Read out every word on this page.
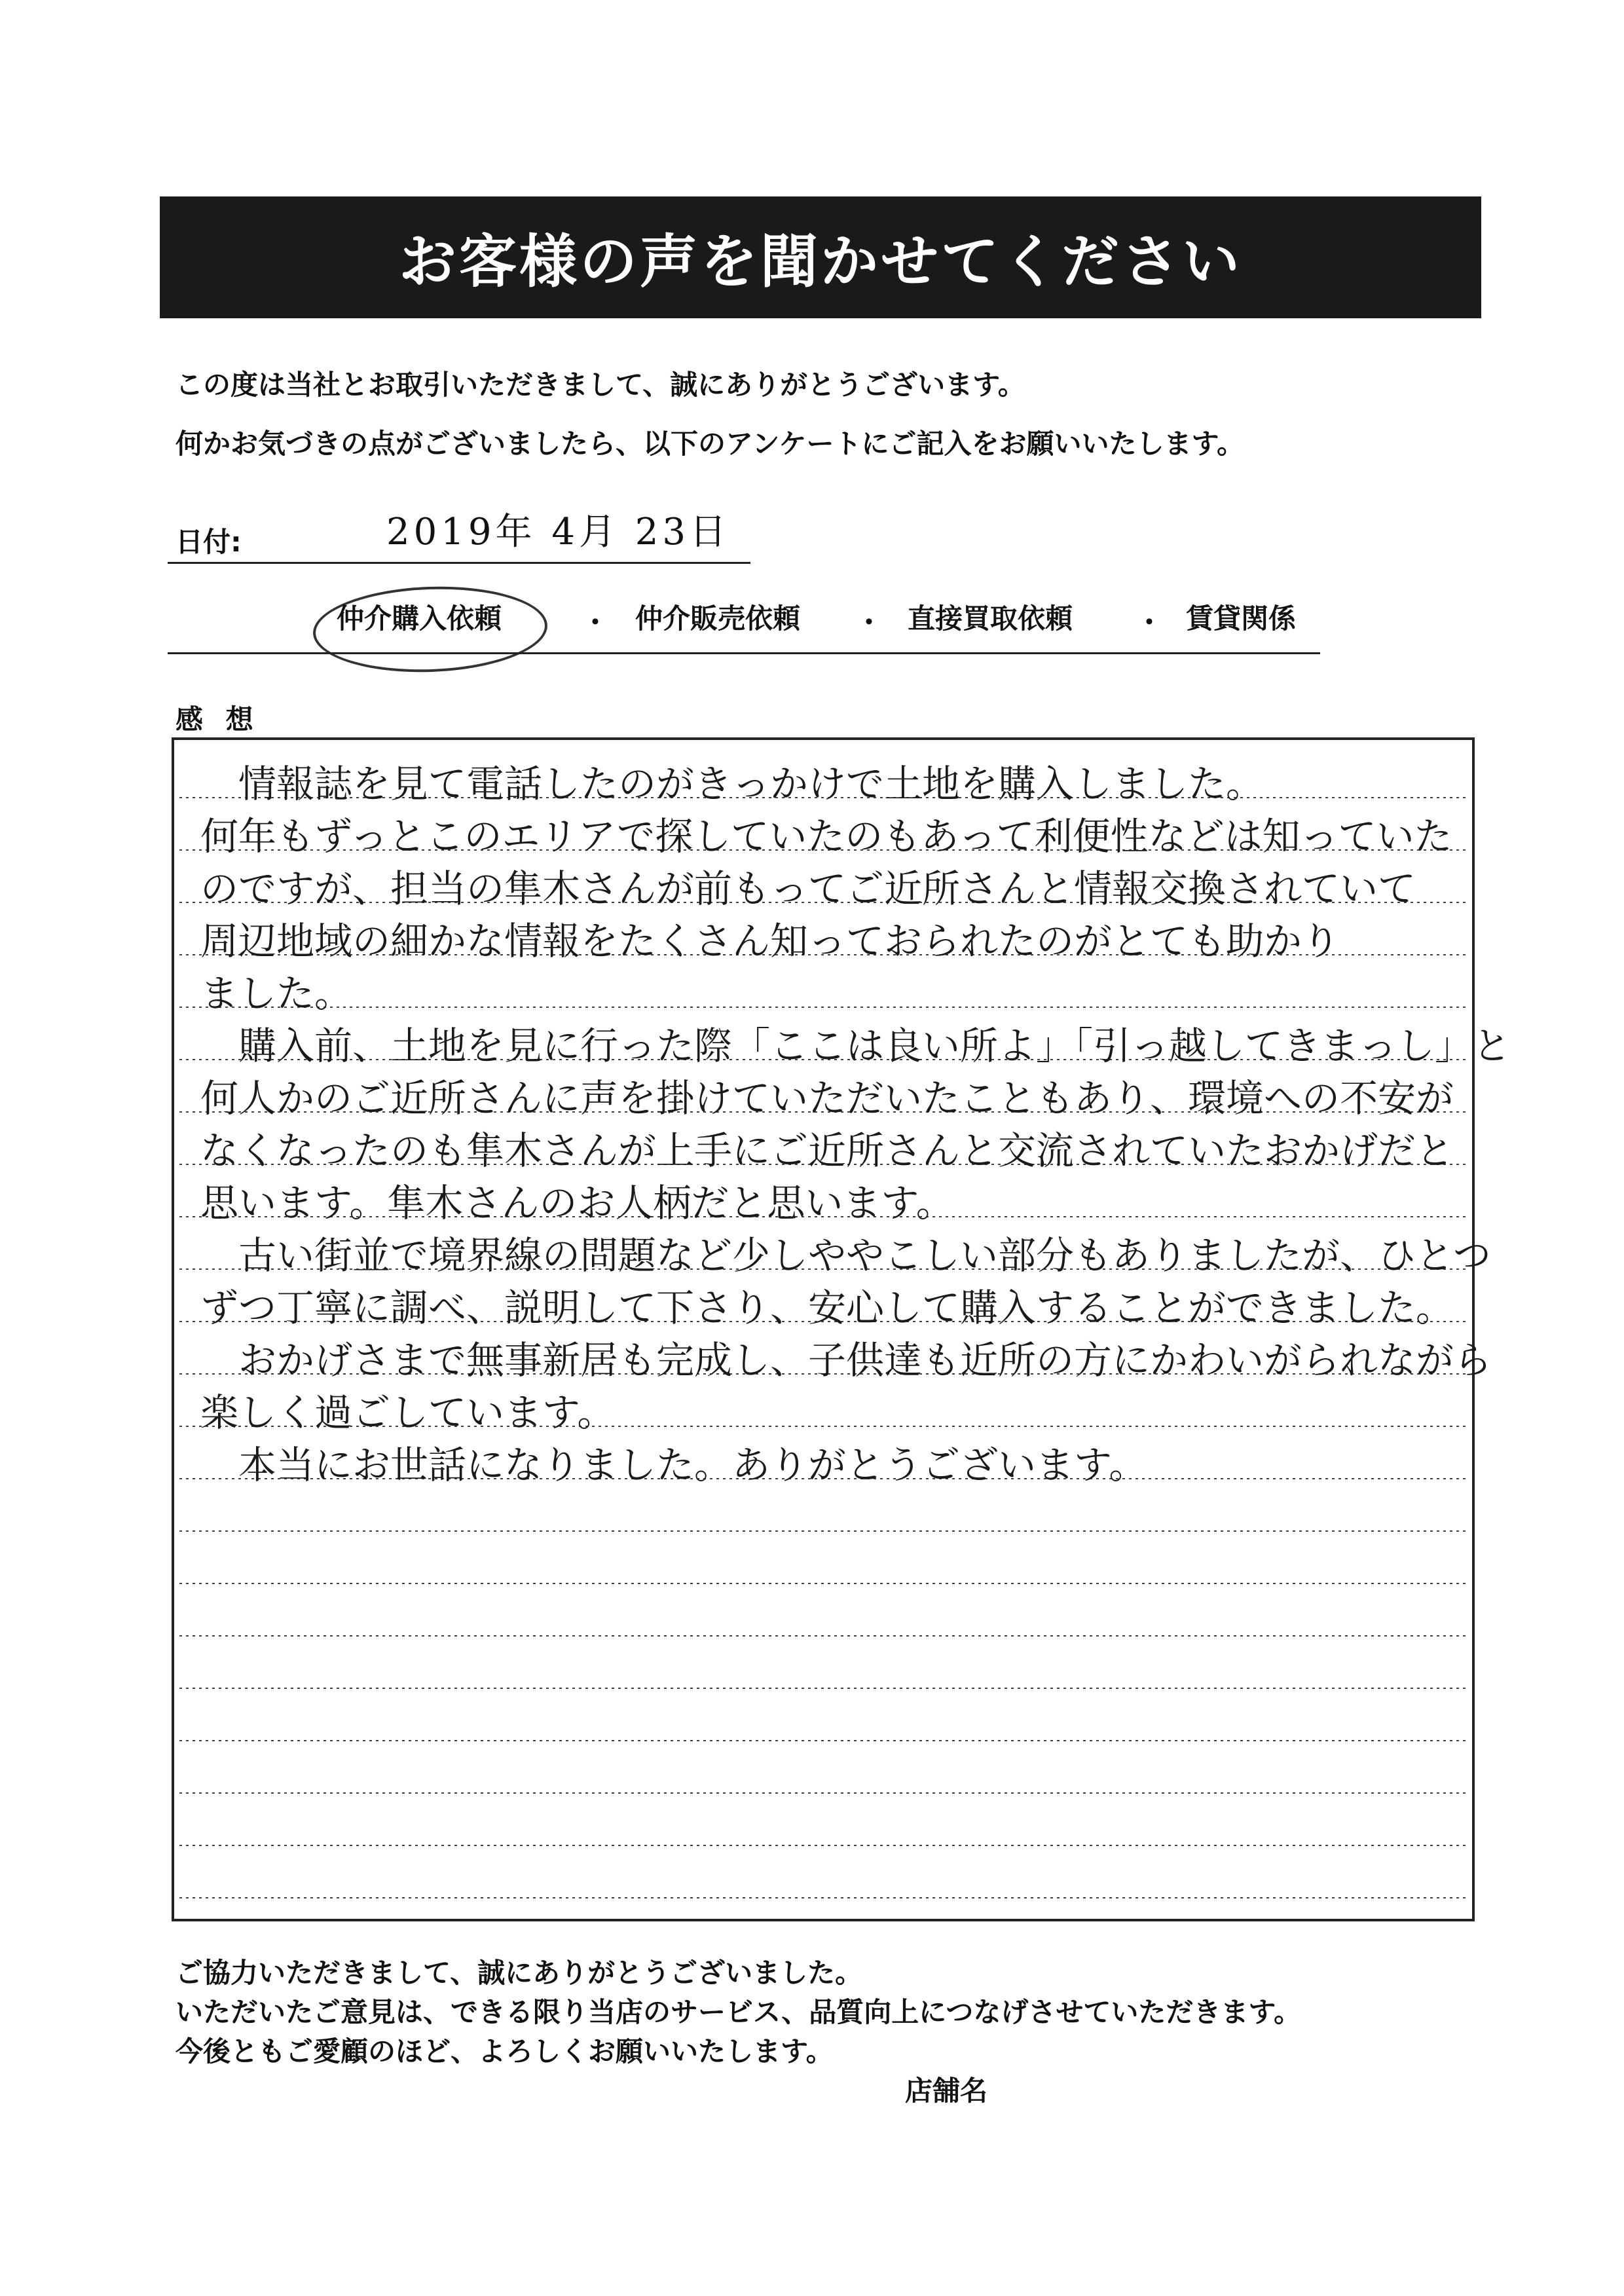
お客様の声を聞かせてください
この度は当社とお取引いただきまして、誠にありがとうございます。
何かお気づきの点がございましたら、以下のアンケートにご記入をお願いいたします。
日付:	2019年 4月 23日
仲介購入依頼	・ 仲介販売依頼 ・ 直接買取依頼 ・ 賃貸関係
感 想
　情報誌を見て電話したのがきっかけで土地を購入しました。
何年もずっとこのエリアで探していたのもあって利便性などは知っていた
のですが、担当の隼木さんが前もってご近所さんと情報交換されていて
周辺地域の細かな情報をたくさん知っておられたのがとても助かり
ました。
　購入前、土地を見に行った際「ここは良い所よ」「引っ越してきまっし」と
何人かのご近所さんに声を掛けていただいたこともあり、環境への不安が
なくなったのも隼木さんが上手にご近所さんと交流されていたおかげだと
思います。隼木さんのお人柄だと思います。
　古い街並で境界線の問題など少しややこしい部分もありましたが、ひとつ
ずつ丁寧に調べ、説明して下さり、安心して購入することができました。
　おかげさまで無事新居も完成し、子供達も近所の方にかわいがられながら
楽しく過ごしています。
　本当にお世話になりました。ありがとうございます。
ご協力いただきまして、誠にありがとうございました。
いただいたご意見は、できる限り当店のサービス、品質向上につなげさせていただきます。
今後ともご愛顧のほど、よろしくお願いいたします。
店舗名
